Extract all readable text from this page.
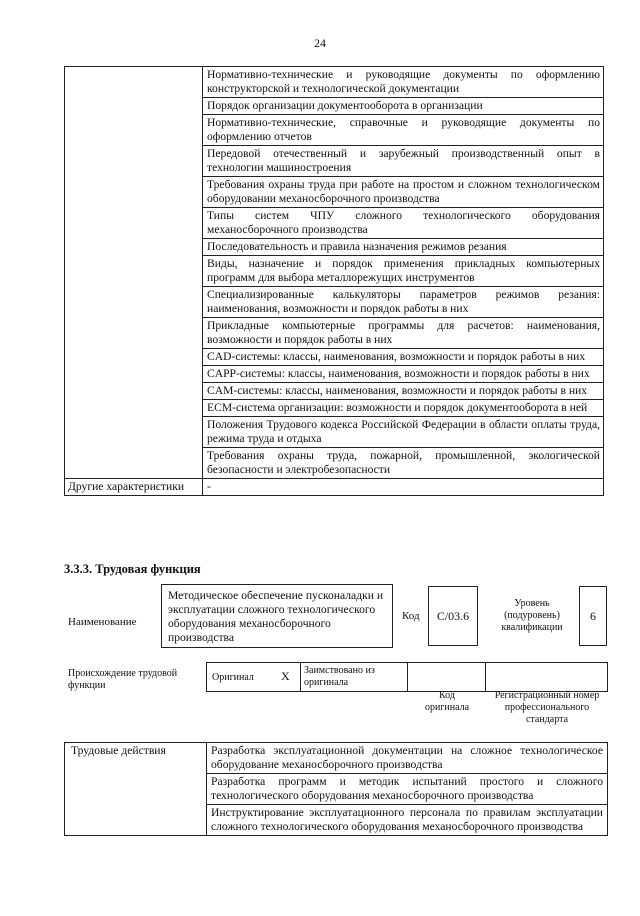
24
	Нормативно-технические и руководящие документы по оформлению конструкторской и технологической документации
	Порядок организации документооборота в организации
	Нормативно-технические, справочные и руководящие документы по оформлению отчетов
	Передовой отечественный и зарубежный производственный опыт в технологии машиностроения
	Требования охраны труда при работе на простом и сложном технологическом оборудовании механосборочного производства
	Типы систем ЧПУ сложного технологического оборудования механосборочного производства
	Последовательность и правила назначения режимов резания
	Виды, назначение и порядок применения прикладных компьютерных программ для выбора металлорежущих инструментов
	Специализированные калькуляторы параметров режимов резания: наименования, возможности и порядок работы в них
	Прикладные компьютерные программы для расчетов: наименования, возможности и порядок работы в них
	CAD-системы: классы, наименования, возможности и порядок работы в них
	CAPP-системы: классы, наименования, возможности и порядок работы в них
	CAM-системы: классы, наименования, возможности и порядок работы в них
	ECM-система организации: возможности и порядок документооборота в ней
	Положения Трудового кодекса Российской Федерации в области оплаты труда, режима труда и отдыха
	Требования охраны труда, пожарной, промышленной, экологической безопасности и электробезопасности
Другие характеристики	-
3.3.3. Трудовая функция
Наименование
Методическое обеспечение пусконаладки и эксплуатации сложного технологического оборудования механосборочного производства
Код	C/03.6
Уровень (подуровень) квалификации
6
Происхождение трудовой функции
Оригинал X Заимствовано из оригинала
Код оригинала
Регистрационный номер профессионального стандарта
Трудовые действия	Разработка эксплуатационной документации на сложное технологическое оборудование механосборочного производства
Разработка программ и методик испытаний простого и сложного технологического оборудования механосборочного производства
Инструктирование эксплуатационного персонала по правилам эксплуатации сложного технологического оборудования механосборочного производства
